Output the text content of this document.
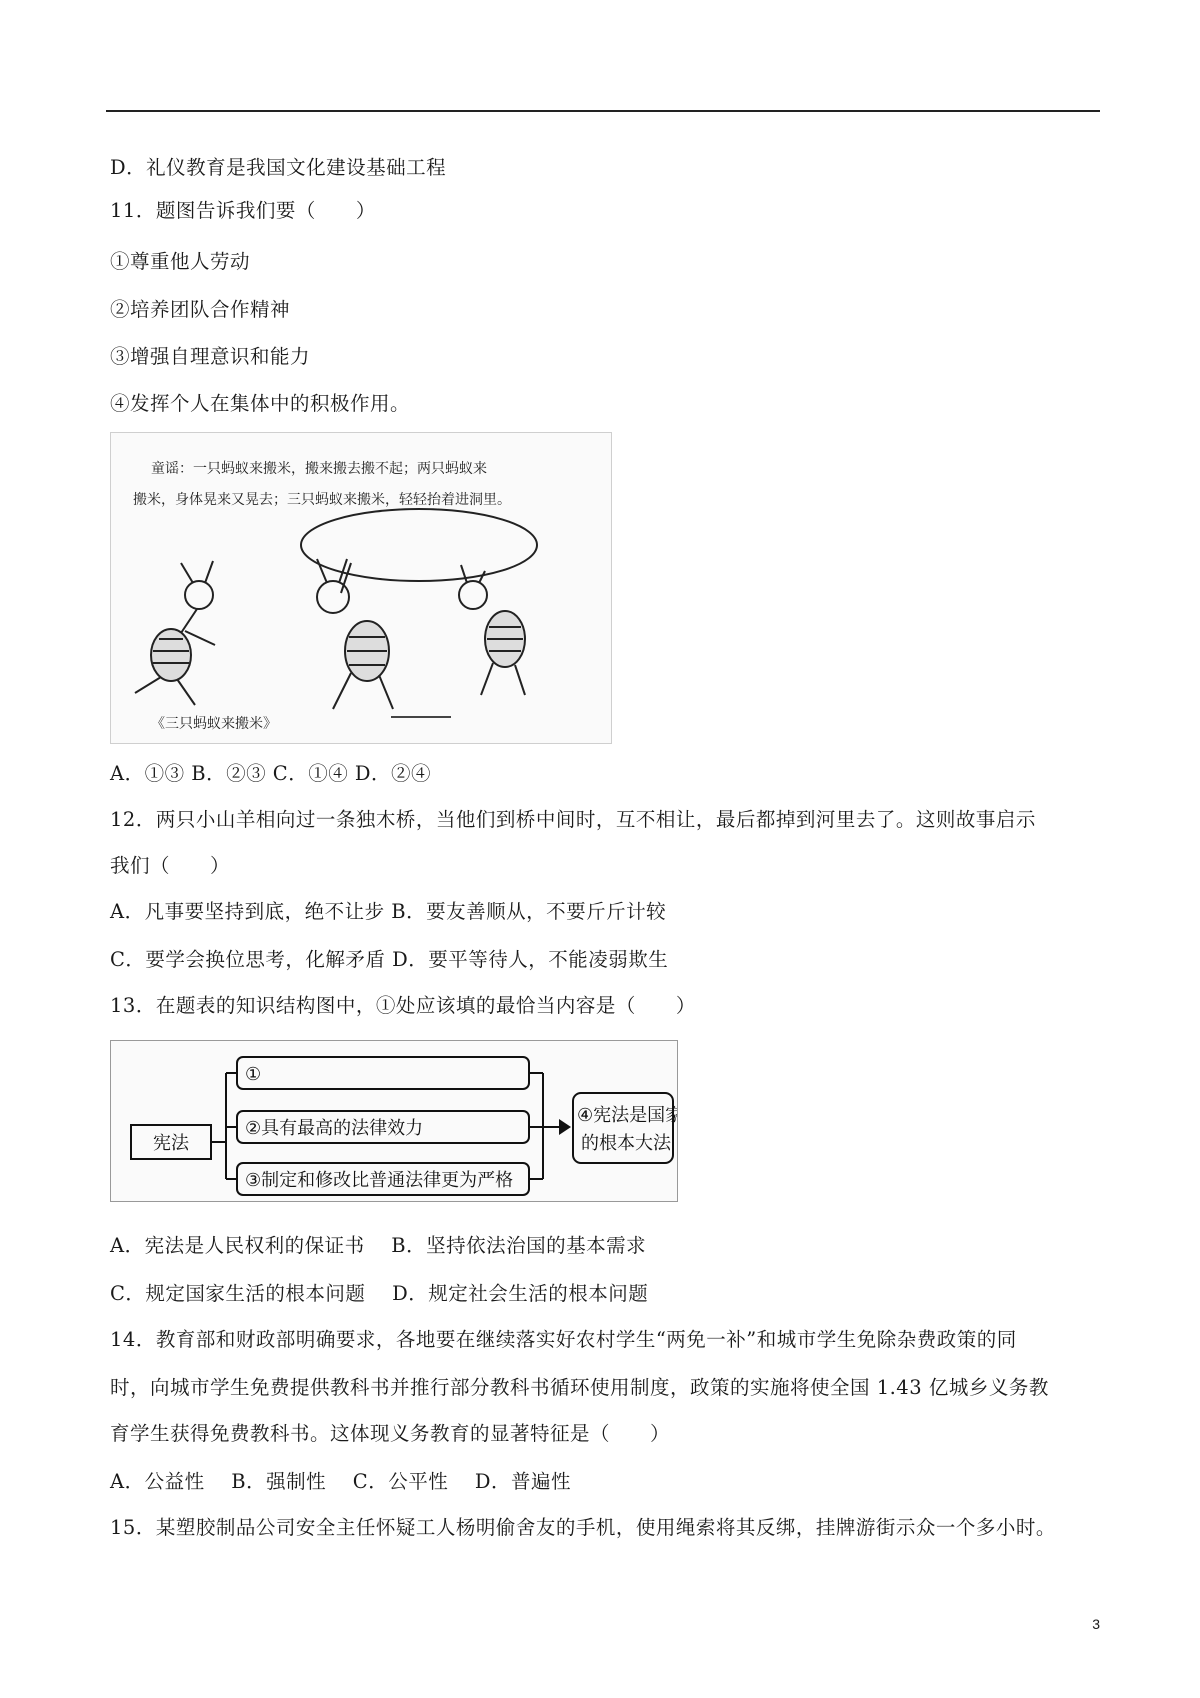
D．礼仪教育是我国文化建设基础工程
11．题图告诉我们要（　　）
①尊重他人劳动
②培养团队合作精神
③增强自理意识和能力
④发挥个人在集体中的积极作用。
童谣：一只蚂蚁来搬米，搬来搬去搬不起；两只蚂蚁来
搬米，身体晃来又晃去；三只蚂蚁来搬米，轻轻抬着进洞里。
《三只蚂蚁来搬米》
A．①③ B．②③ C．①④ D．②④
12．两只小山羊相向过一条独木桥，当他们到桥中间时，互不相让，最后都掉到河里去了。这则故事启示
我们（　　）
A．凡事要坚持到底，绝不让步 B．要友善顺从，不要斤斤计较
C．要学会换位思考，化解矛盾 D．要平等待人，不能凌弱欺生
13．在题表的知识结构图中，①处应该填的最恰当内容是（　　）
宪法
①
②具有最高的法律效力
③制定和修改比普通法律更为严格
④宪法是国家
的根本大法
A．宪法是人民权利的保证书　 B．坚持依法治国的基本需求
C．规定国家生活的根本问题　 D．规定社会生活的根本问题
14．教育部和财政部明确要求，各地要在继续落实好农村学生“两免一补”和城市学生免除杂费政策的同
时，向城市学生免费提供教科书并推行部分教科书循环使用制度，政策的实施将使全国 1.43 亿城乡义务教
育学生获得免费教科书。这体现义务教育的显著特征是（　　）
A．公益性　 B．强制性　 C．公平性　 D．普遍性
15．某塑胶制品公司安全主任怀疑工人杨明偷舍友的手机，使用绳索将其反绑，挂牌游街示众一个多小时。
3
